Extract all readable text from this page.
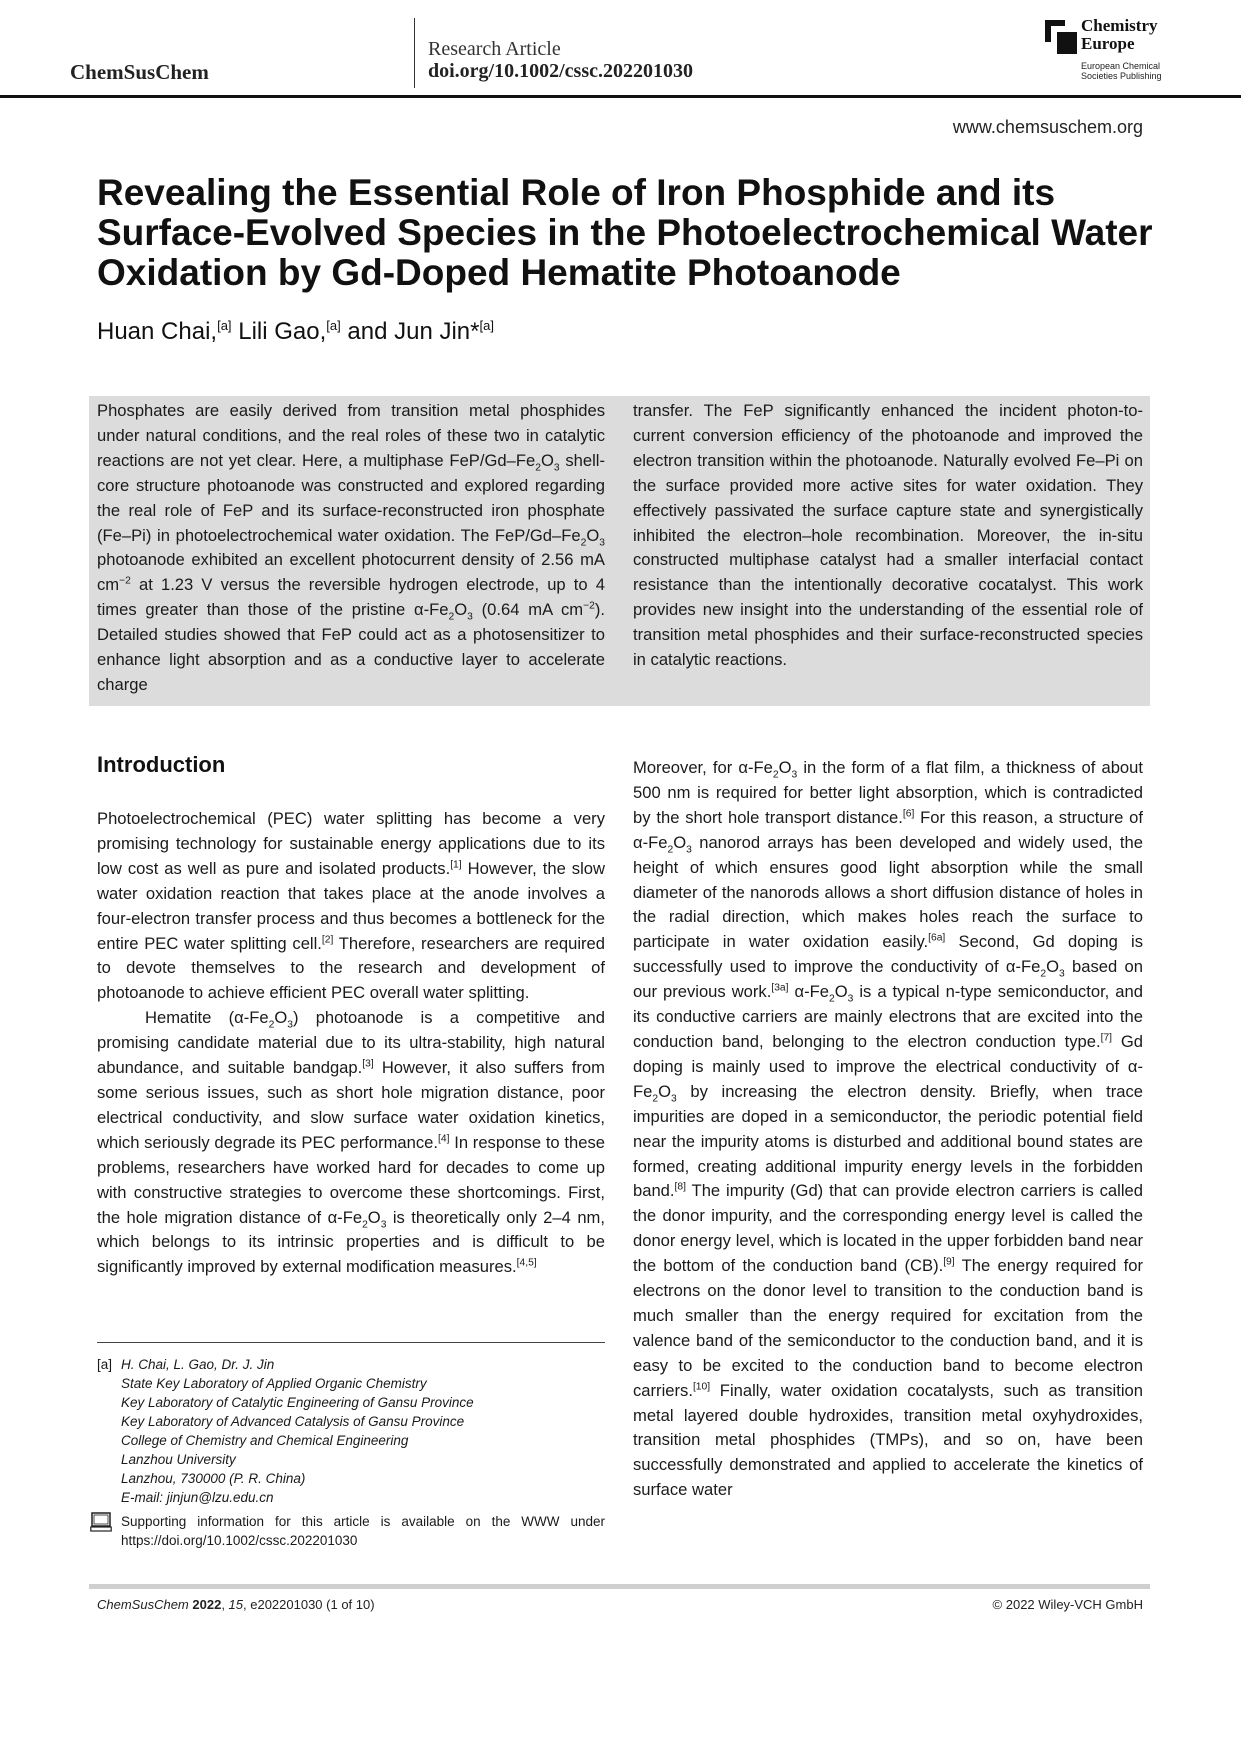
ChemSusChem
Research Article
doi.org/10.1002/cssc.202201030
Chemistry
Europe
European Chemical
Societies Publishing
www.chemsuschem.org
Revealing the Essential Role of Iron Phosphide and its Surface-Evolved Species in the Photoelectrochemical Water Oxidation by Gd-Doped Hematite Photoanode
Huan Chai,[a] Lili Gao,[a] and Jun Jin*[a]

Phosphates are easily derived from transition metal phosphides under natural conditions, and the real roles of these two in catalytic reactions are not yet clear. Here, a multiphase FeP/$Gd-Fe_2O_3$ shell-core structure photoanode was constructed and explored regarding the real role of FeP and its surface-reconstructed iron phosphate (Fe–Pi) in photoelectrochemical water oxidation. The FeP/$Gd-Fe_2O_3$ photoanode exhibited an excellent photocurrent density of 2.56 mA $cm^{-2}$ at 1.23 V versus the reversible hydrogen electrode, up to 4 times greater than those of the pristine $\alpha-Fe_2O_3$ (0.64 mA $cm^{-2}$). Detailed studies showed that FeP could act as a photosensitizer to enhance light absorption and as a conductive layer to accelerate charge

transfer. The FeP significantly enhanced the incident photon-to-current conversion efficiency of the photoanode and improved the electron transition within the photoanode. Naturally evolved Fe–Pi on the surface provided more active sites for water oxidation. They effectively passivated the surface capture state and synergistically inhibited the electron–hole recombination. Moreover, the in-situ constructed multiphase catalyst had a smaller interfacial contact resistance than the intentionally decorative cocatalyst. This work provides new insight into the understanding of the essential role of transition metal phosphides and their surface-reconstructed species in catalytic reactions.

Introduction

Photoelectrochemical (PEC) water splitting has become a very promising technology for sustainable energy applications due to its low cost as well as pure and isolated products.[1] However, the slow water oxidation reaction that takes place at the anode involves a four-electron transfer process and thus becomes a bottleneck for the entire PEC water splitting cell.[2] Therefore, researchers are required to devote themselves to the research and development of photoanode to achieve efficient PEC overall water splitting.

Hematite $(\alpha-Fe_2O_3)$ photoanode is a competitive and promising candidate material due to its ultra-stability, high natural abundance, and suitable bandgap.[3] However, it also suffers from some serious issues, such as short hole migration distance, poor electrical conductivity, and slow surface water oxidation kinetics, which seriously degrade its PEC performance.[4] In response to these problems, researchers have worked hard for decades to come up with constructive strategies to overcome these shortcomings. First, the hole migration distance of $\alpha-Fe_2O_3$ is theoretically only 2–4 nm, which belongs to its intrinsic properties and is difficult to be significantly improved by external modification measures.[4,5]

Moreover, for $\alpha-Fe_2O_3$ in the form of a flat film, a thickness of about 500 nm is required for better light absorption, which is contradicted by the short hole transport distance.[6] For this reason, a structure of $\alpha-Fe_2O_3$ nanorod arrays has been developed and widely used, the height of which ensures good light absorption while the small diameter of the nanorods allows a short diffusion distance of holes in the radial direction, which makes holes reach the surface to participate in water oxidation easily.[6a] Second, Gd doping is successfully used to improve the conductivity of $\alpha-Fe_2O_3$ based on our previous work.[3a] $\alpha-Fe_2O_3$ is a typical n-type semiconductor, and its conductive carriers are mainly electrons that are excited into the conduction band, belonging to the electron conduction type.[7] Gd doping is mainly used to improve the electrical conductivity of $\alpha-Fe_2O_3$ by increasing the electron density. Briefly, when trace impurities are doped in a semiconductor, the periodic potential field near the impurity atoms is disturbed and additional bound states are formed, creating additional impurity energy levels in the forbidden band.[8] The impurity (Gd) that can provide electron carriers is called the donor impurity, and the corresponding energy level is called the donor energy level, which is located in the upper forbidden band near the bottom of the conduction band (CB).[9] The energy required for electrons on the donor level to transition to the conduction band is much smaller than the energy required for excitation from the valence band of the semiconductor to the conduction band, and it is easy to be excited to the conduction band to become electron carriers.[10] Finally, water oxidation cocatalysts, such as transition metal layered double hydroxides, transition metal oxyhydroxides, transition metal phosphides (TMPs), and so on, have been successfully demonstrated and applied to accelerate the kinetics of surface water

[a] H. Chai, L. Gao, Dr. J. Jin
State Key Laboratory of Applied Organic Chemistry
Key Laboratory of Catalytic Engineering of Gansu Province
Key Laboratory of Advanced Catalysis of Gansu Province
College of Chemistry and Chemical Engineering
Lanzhou University
Lanzhou, 730000 (P. R. China)
E-mail: jinjun@lzu.edu.cn
Supporting information for this article is available on the WWW under https://doi.org/10.1002/cssc.202201030
ChemSusChem 2022, 15, e202201030 (1 of 10)	© 2022 Wiley-VCH GmbH
